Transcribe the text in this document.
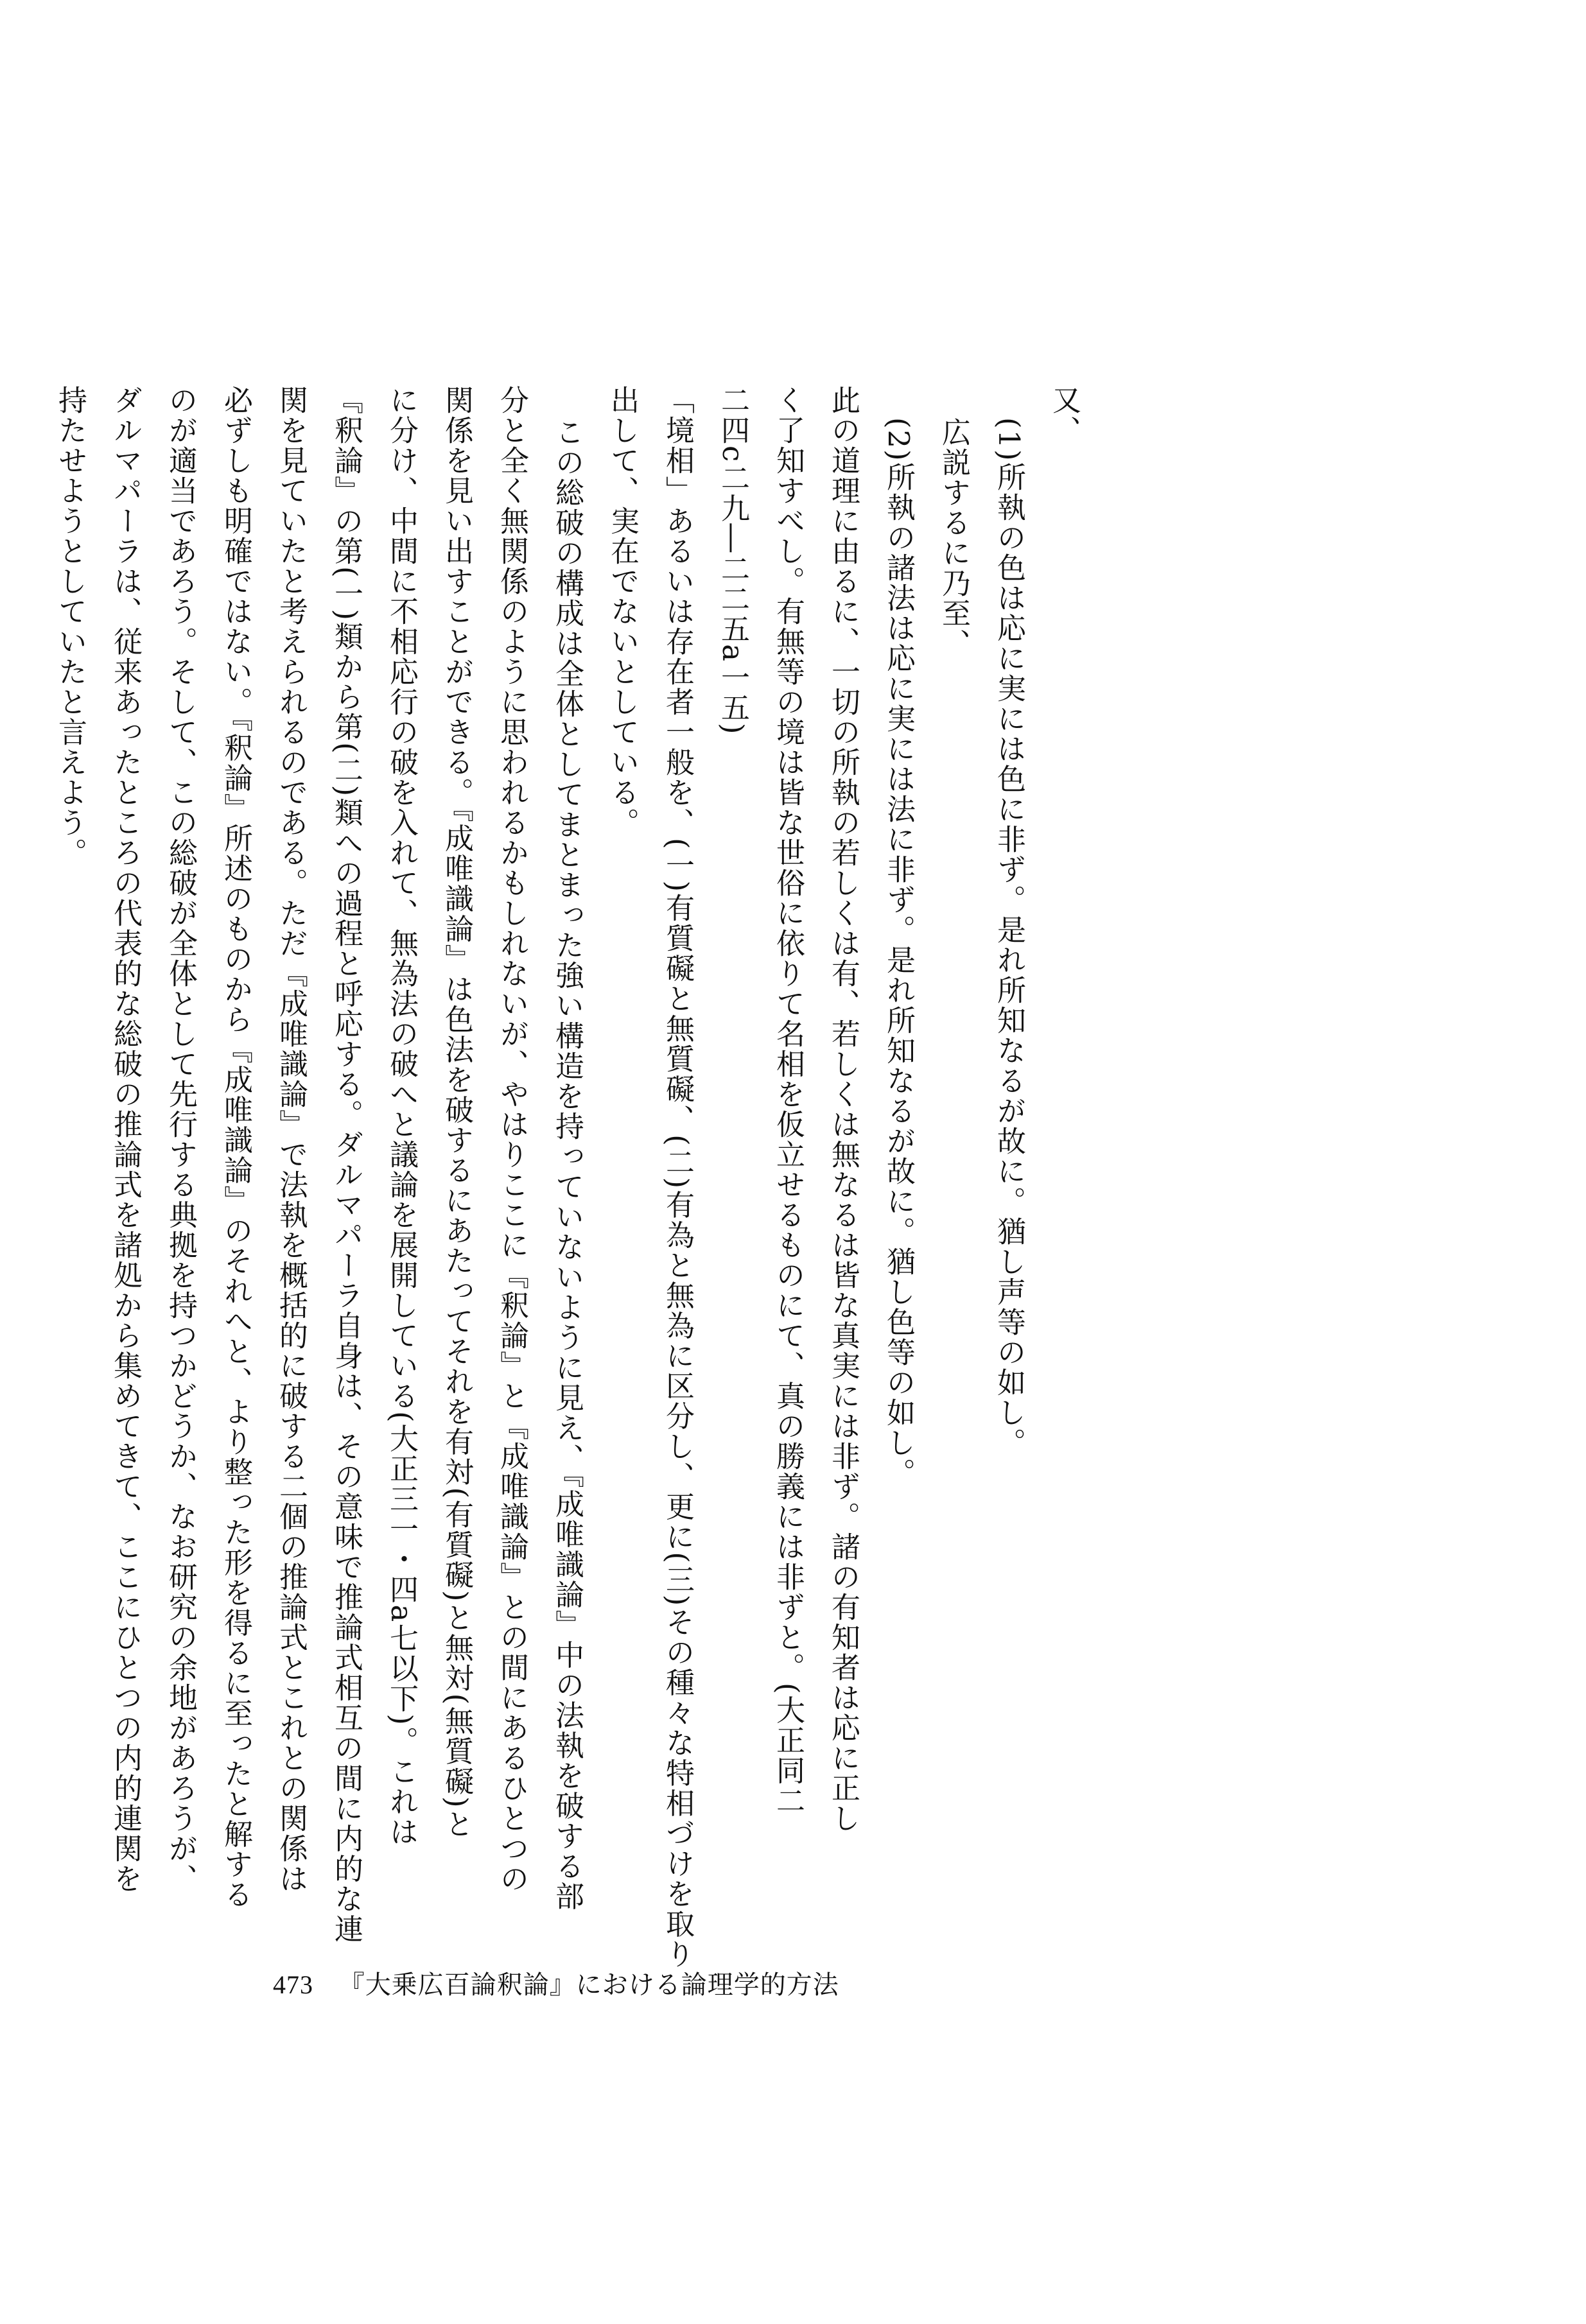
又、
(1)所執の色は応に実には色に非ず。是れ所知なるが故に。猶し声等の如し。
広説するに乃至、
(2)所執の諸法は応に実には法に非ず。是れ所知なるが故に。猶し色等の如し。
此の道理に由るに、一切の所執の若しくは有、若しくは無なるは皆な真実には非ず。諸の有知者は応に正し
く了知すべし。有無等の境は皆な世俗に依りて名相を仮立せるものにて、真の勝義には非ずと。(大正同二
二四c二九―二二五a一五)
「境相」あるいは存在者一般を、(一)有質礙と無質礙、(二)有為と無為に区分し、更に(三)その種々な特相づけを取り
出して、実在でないとしている。
この総破の構成は全体としてまとまった強い構造を持っていないように見え、『成唯識論』中の法執を破する部
分と全く無関係のように思われるかもしれないが、やはりここに『釈論』と『成唯識論』との間にあるひとつの
関係を見い出すことができる。『成唯識論』は色法を破するにあたってそれを有対(有質礙)と無対(無質礙)と
に分け、中間に不相応行の破を入れて、無為法の破へと議論を展開している(大正三一・四a七以下)。これは
『釈論』の第(一)類から第(二)類への過程と呼応する。ダルマパーラ自身は、その意味で推論式相互の間に内的な連
関を見ていたと考えられるのである。ただ『成唯識論』で法執を概括的に破する二個の推論式とこれとの関係は
必ずしも明確ではない。『釈論』所述のものから『成唯識論』のそれへと、より整った形を得るに至ったと解する
のが適当であろう。そして、この総破が全体として先行する典拠を持つかどうか、なお研究の余地があろうが、
ダルマパーラは、従来あったところの代表的な総破の推論式を諸処から集めてきて、ここにひとつの内的連関を
持たせようとしていたと言えよう。
473 『大乗広百論釈論』における論理学的方法
